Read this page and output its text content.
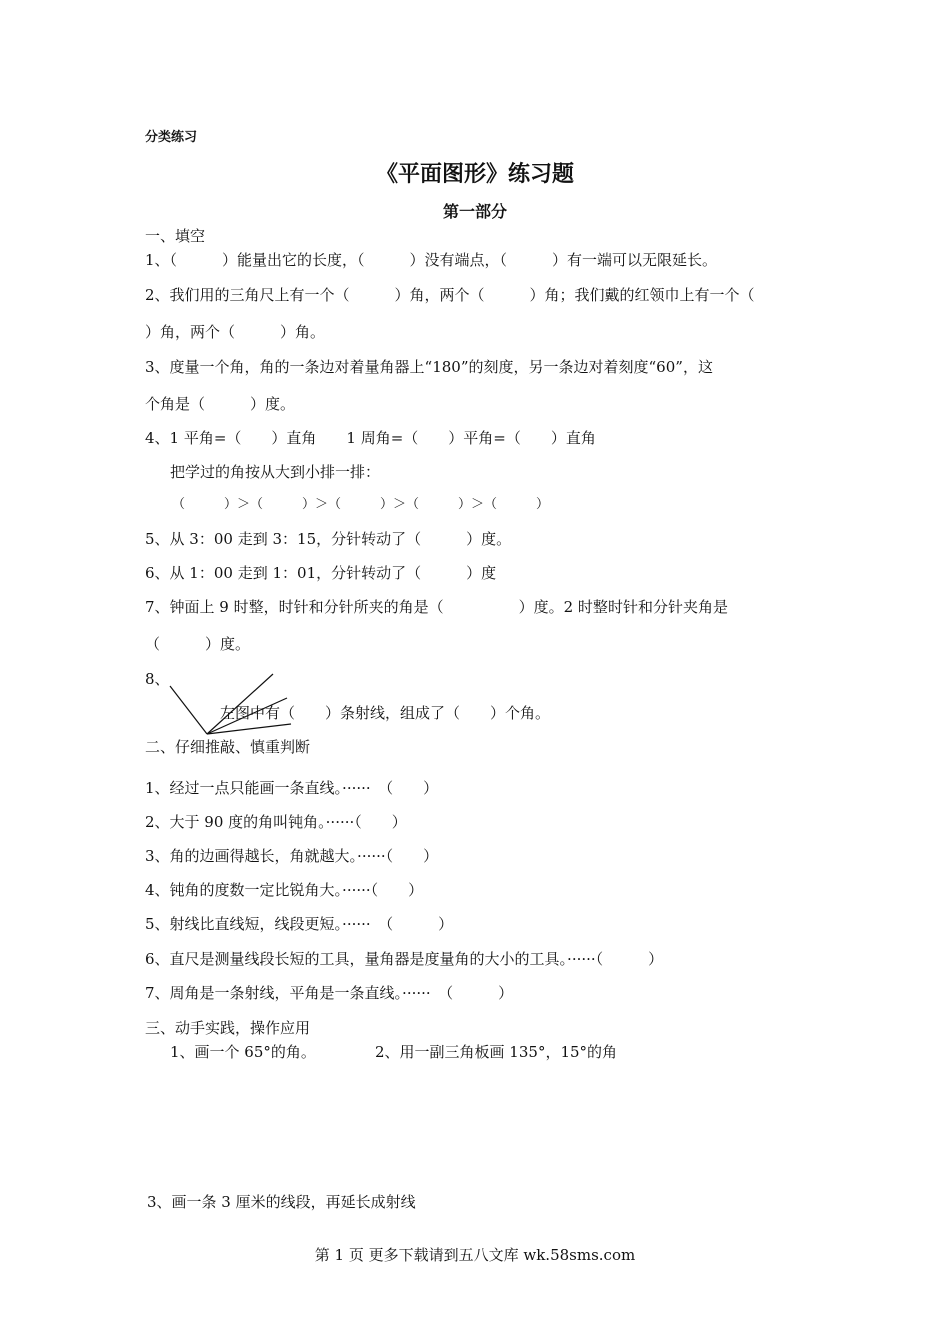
分类练习
《平面图形》练习题
第一部分
一、填空
1、（　　　）能量出它的长度，（　　　）没有端点，（　　　）有一端可以无限延长。
2、我们用的三角尺上有一个（　　　）角，两个（　　　）角；我们戴的红领巾上有一个（
）角，两个（　　　）角。
3、度量一个角，角的一条边对着量角器上“180”的刻度，另一条边对着刻度“60”，这
个角是（　　　）度。
4、1 平角=（　　）直角　　1 周角=（　　）平角=（　　）直角
把学过的角按从大到小排一排：
（　　　）＞（　　　）＞（　　　）＞（　　　）＞（　　　）
5、从 3：00 走到 3：15，分针转动了（　　　）度。
6、从 1：00 走到 1：01，分针转动了（　　　）度
7、钟面上 9 时整，时针和分针所夹的角是（　　　　　）度。2 时整时针和分针夹角是
（　　　）度。
8、
左图中有（　　）条射线，组成了（　　）个角。
二、仔细推敲、慎重判断
1、经过一点只能画一条直线。······　（　　）
2、大于 90 度的角叫钝角。······（　　）
3、角的边画得越长，角就越大。······（　　）
4、钝角的度数一定比锐角大。······（　　）
5、射线比直线短，线段更短。······　（　　　）
6、直尺是测量线段长短的工具，量角器是度量角的大小的工具。······（　　　）
7、周角是一条射线，平角是一条直线。······　（　　　）
三、动手实践，操作应用
1、画一个 65°的角。	2、用一副三角板画 135°，15°的角
3、画一条 3 厘米的线段，再延长成射线
第 1 页 更多下载请到五八文库 wk.58sms.com
